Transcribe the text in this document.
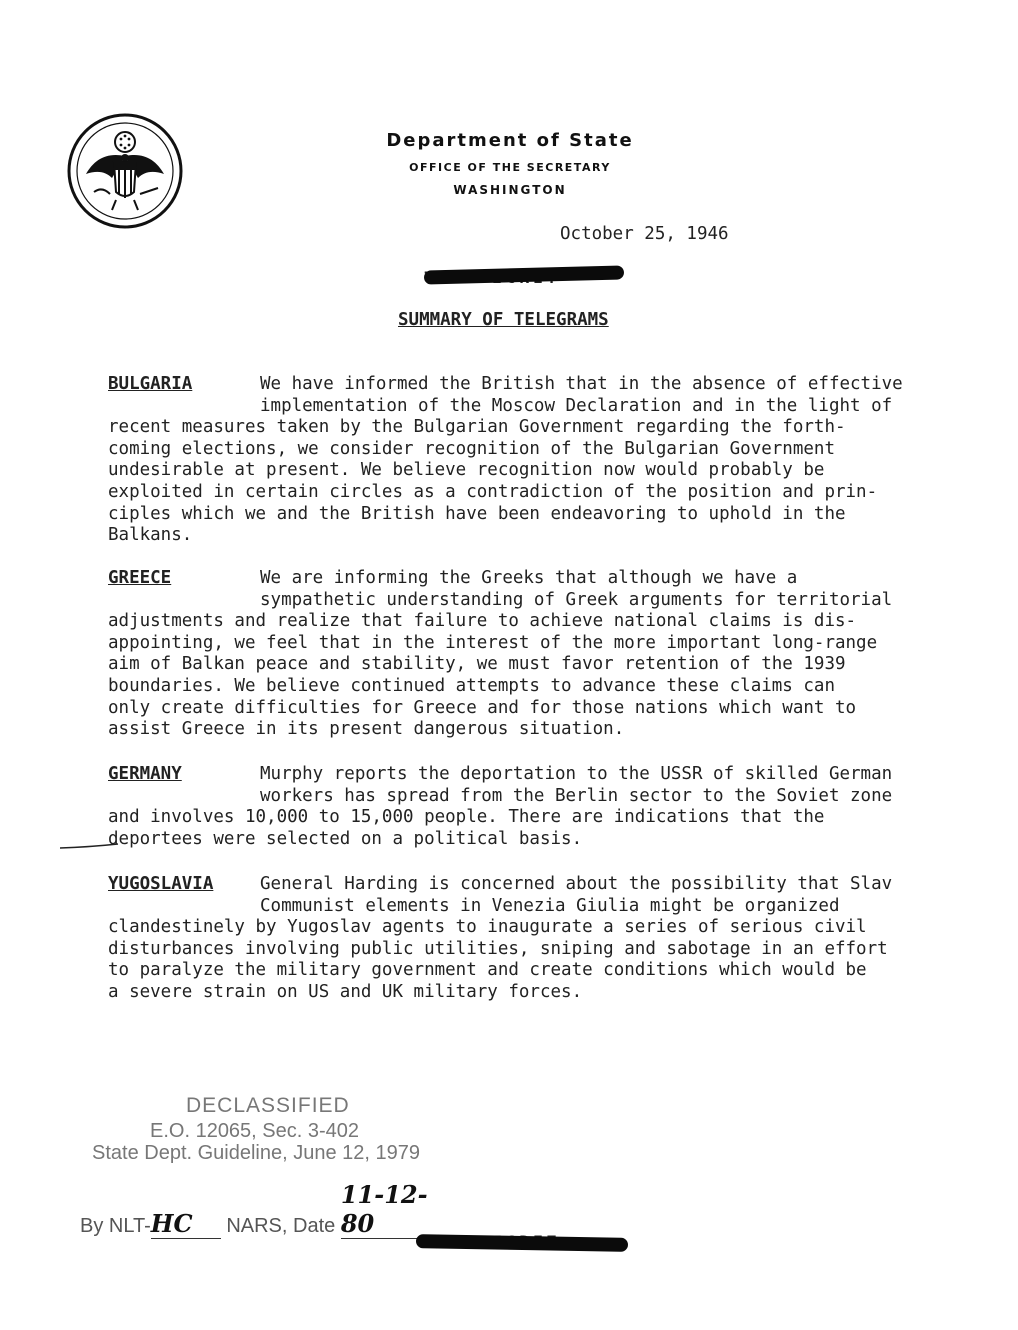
Department of State
OFFICE OF THE SECRETARY
WASHINGTON
October 25, 1946
SUMMARY OF TELEGRAMS
BULGARIA	We have informed the British that in the absence of effective
implementation of the Moscow Declaration and in the light of
recent measures taken by the Bulgarian Government regarding the forth-
coming elections, we consider recognition of the Bulgarian Government
undesirable at present. We believe recognition now would probably be
exploited in certain circles as a contradiction of the position and prin-
ciples which we and the British have been endeavoring to uphold in the
Balkans.
GREECE	We are informing the Greeks that although we have a
sympathetic understanding of Greek arguments for territorial
adjustments and realize that failure to achieve national claims is dis-
appointing, we feel that in the interest of the more important long-range
aim of Balkan peace and stability, we must favor retention of the 1939
boundaries. We believe continued attempts to advance these claims can
only create difficulties for Greece and for those nations which want to
assist Greece in its present dangerous situation.
GERMANY	Murphy reports the deportation to the USSR of skilled German
workers has spread from the Berlin sector to the Soviet zone
and involves 10,000 to 15,000 people. There are indications that the
deportees were selected on a political basis.
YUGOSLAVIA	General Harding is concerned about the possibility that Slav
Communist elements in Venezia Giulia might be organized
clandestinely by Yugoslav agents to inaugurate a series of serious civil
disturbances involving public utilities, sniping and sabotage in an effort
to paralyze the military government and create conditions which would be
a severe strain on US and UK military forces.
DECLASSIFIED
E.O. 12065, Sec. 3-402
State Dept. Guideline, June 12, 1979
By NLT-HC NARS, Date 11-12-80
